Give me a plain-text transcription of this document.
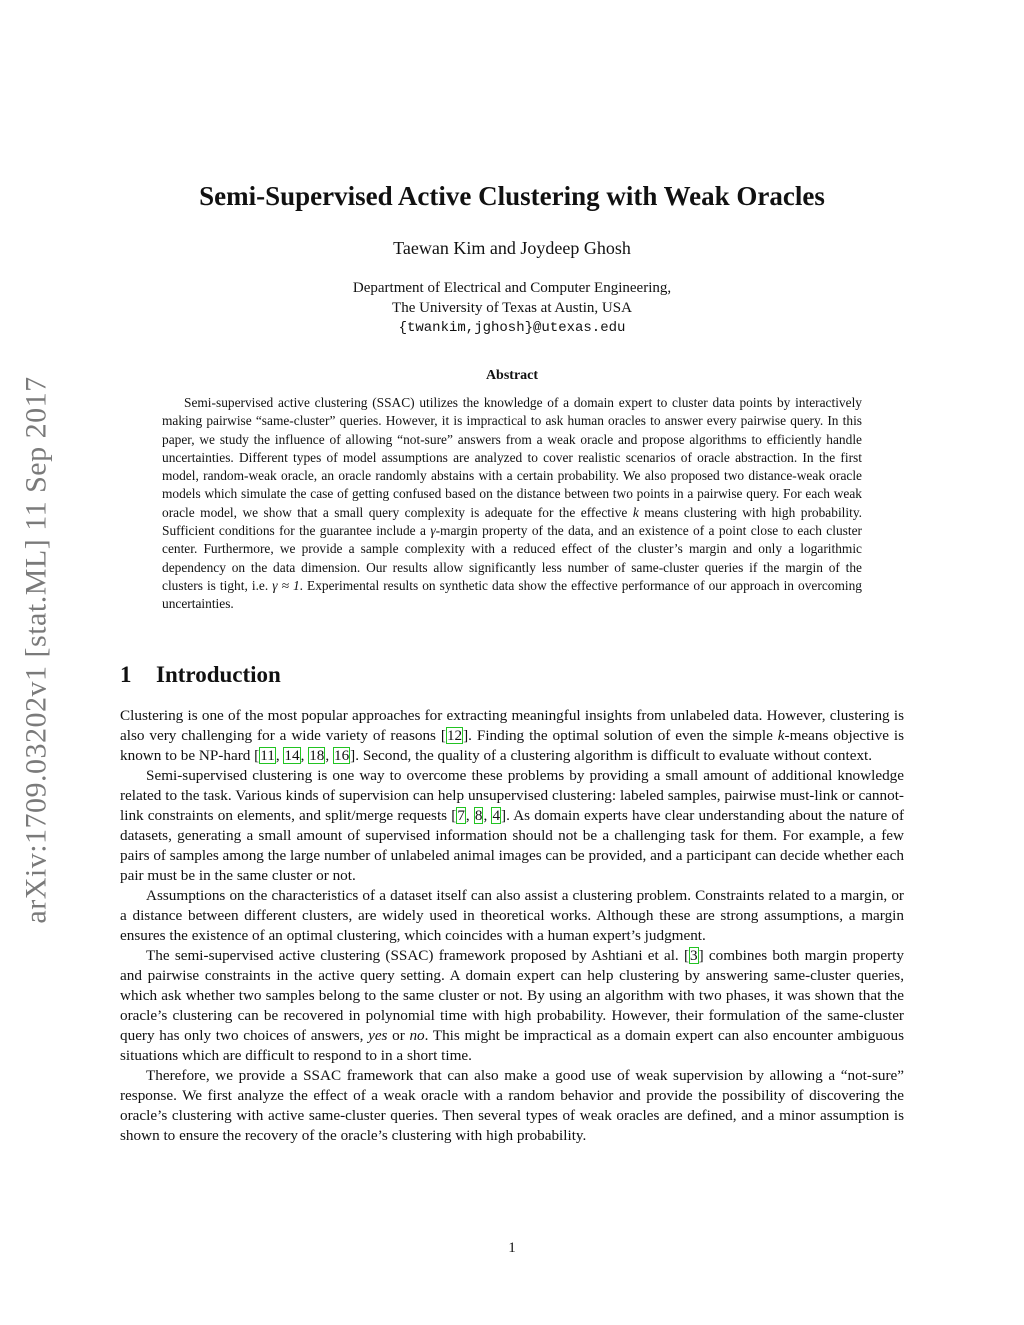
arXiv:1709.03202v1 [stat.ML] 11 Sep 2017
Semi-Supervised Active Clustering with Weak Oracles
Taewan Kim and Joydeep Ghosh
Department of Electrical and Computer Engineering,
The University of Texas at Austin, USA
{twankim,jghosh}@utexas.edu
Abstract

Semi-supervised active clustering (SSAC) utilizes the knowledge of a domain expert to cluster data points by interactively making pairwise “same-cluster” queries. However, it is impractical to ask human oracles to answer every pairwise query. In this paper, we study the influence of allowing “not-sure” answers from a weak oracle and propose algorithms to efficiently handle uncertainties. Different types of model assumptions are analyzed to cover realistic scenarios of oracle abstraction. In the first model, random-weak oracle, an oracle randomly abstains with a certain probability. We also proposed two distance-weak oracle models which simulate the case of getting confused based on the distance between two points in a pairwise query. For each weak oracle model, we show that a small query complexity is adequate for the effective k means clustering with high probability. Sufficient conditions for the guarantee include a γ-margin property of the data, and an existence of a point close to each cluster center. Furthermore, we provide a sample complexity with a reduced effect of the cluster’s margin and only a logarithmic dependency on the data dimension. Our results allow significantly less number of same-cluster queries if the margin of the clusters is tight, i.e. γ ≈ 1. Experimental results on synthetic data show the effective performance of our approach in overcoming uncertainties.

1 Introduction

Clustering is one of the most popular approaches for extracting meaningful insights from unlabeled data. However, clustering is also very challenging for a wide variety of reasons [12]. Finding the optimal solution of even the simple k-means objective is known to be NP-hard [11, 14, 18, 16]. Second, the quality of a clustering algorithm is difficult to evaluate without context.

Semi-supervised clustering is one way to overcome these problems by providing a small amount of additional knowledge related to the task. Various kinds of supervision can help unsupervised clustering: labeled samples, pairwise must-link or cannot-link constraints on elements, and split/merge requests [7, 8, 4]. As domain experts have clear understanding about the nature of datasets, generating a small amount of supervised information should not be a challenging task for them. For example, a few pairs of samples among the large number of unlabeled animal images can be provided, and a participant can decide whether each pair must be in the same cluster or not.

Assumptions on the characteristics of a dataset itself can also assist a clustering problem. Constraints related to a margin, or a distance between different clusters, are widely used in theoretical works. Although these are strong assumptions, a margin ensures the existence of an optimal clustering, which coincides with a human expert’s judgment.

The semi-supervised active clustering (SSAC) framework proposed by Ashtiani et al. [3] combines both margin property and pairwise constraints in the active query setting. A domain expert can help clustering by answering same-cluster queries, which ask whether two samples belong to the same cluster or not. By using an algorithm with two phases, it was shown that the oracle’s clustering can be recovered in polynomial time with high probability. However, their formulation of the same-cluster query has only two choices of answers, yes or no. This might be impractical as a domain expert can also encounter ambiguous situations which are difficult to respond to in a short time.

Therefore, we provide a SSAC framework that can also make a good use of weak supervision by allowing a “not-sure” response. We first analyze the effect of a weak oracle with a random behavior and provide the possibility of discovering the oracle’s clustering with active same-cluster queries. Then several types of weak oracles are defined, and a minor assumption is shown to ensure the recovery of the oracle’s clustering with high probability.

1
